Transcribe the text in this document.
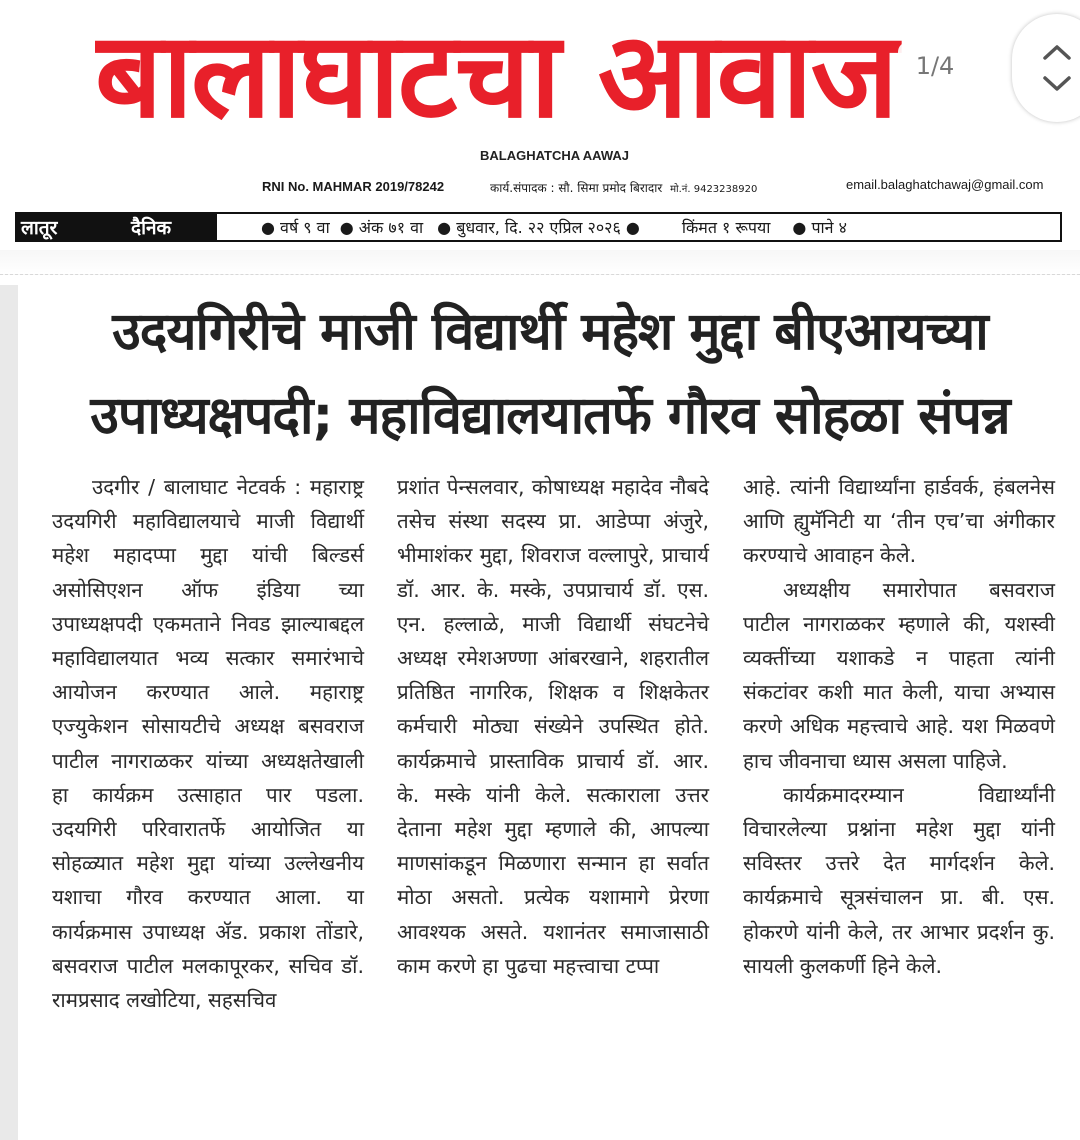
बालाघाटचा आवाज
BALAGHATCHA AAWAJ
RNI No. MAHMAR 2019/78242	कार्य.संपादक : सौ. सिमा प्रमोद बिरादार मो.नं. 9423238920	email.balaghatchawaj@gmail.com
लातूर	दैनिक	● वर्ष ९ वा ● अंक ७१ वा ● बुधवार, दि. २२ एप्रिल २०२६ ●	किंमत १ रूपया ● पाने ४
1/4
उदयगिरीचे माजी विद्यार्थी महेश मुद्दा बीएआयच्या
उपाध्यक्षपदी; महाविद्यालयातर्फे गौरव सोहळा संपन्न

उदगीर / बालाघाट नेटवर्क : महाराष्ट्र उदयगिरी महाविद्यालयाचे माजी विद्यार्थी महेश महादप्पा मुद्दा यांची बिल्डर्स असोसिएशन ऑफ इंडिया च्या उपाध्यक्षपदी एकमताने निवड झाल्याबद्दल महाविद्यालयात भव्य सत्कार समारंभाचे आयोजन करण्यात आले. महाराष्ट्र एज्युकेशन सोसायटीचे अध्यक्ष बसवराज पाटील नागराळकर यांच्या अध्यक्षतेखाली हा कार्यक्रम उत्साहात पार पडला. उदयगिरी परिवारातर्फे आयोजित या सोहळ्यात महेश मुद्दा यांच्या उल्लेखनीय यशाचा गौरव करण्यात आला. या कार्यक्रमास उपाध्यक्ष ॲड. प्रकाश तोंडारे, बसवराज पाटील मलकापूरकर, सचिव डॉ. रामप्रसाद लखोटिया, सहसचिव

प्रशांत पेन्सलवार, कोषाध्यक्ष महादेव नौबदे तसेच संस्था सदस्य प्रा. आडेप्पा अंजुरे, भीमाशंकर मुद्दा, शिवराज वल्लापुरे, प्राचार्य डॉ. आर. के. मस्के, उपप्राचार्य डॉ. एस. एन. हल्लाळे, माजी विद्यार्थी संघटनेचे अध्यक्ष रमेशअण्णा आंबरखाने, शहरातील प्रतिष्ठित नागरिक, शिक्षक व शिक्षकेतर कर्मचारी मोठ्या संख्येने उपस्थित होते. कार्यक्रमाचे प्रास्ताविक प्राचार्य डॉ. आर. के. मस्के यांनी केले. सत्काराला उत्तर देताना महेश मुद्दा म्हणाले की, आपल्या माणसांकडून मिळणारा सन्मान हा सर्वात मोठा असतो. प्रत्येक यशामागे प्रेरणा आवश्यक असते. यशानंतर समाजासाठी काम करणे हा पुढचा महत्त्वाचा टप्पा

आहे. त्यांनी विद्यार्थ्यांना हार्डवर्क, हंबलनेस आणि ह्युमॅनिटी या ‘तीन एच’चा अंगीकार करण्याचे आवाहन केले.

अध्यक्षीय समारोपात बसवराज पाटील नागराळकर म्हणाले की, यशस्वी व्यक्तींच्या यशाकडे न पाहता त्यांनी संकटांवर कशी मात केली, याचा अभ्यास करणे अधिक महत्त्वाचे आहे. यश मिळवणे हाच जीवनाचा ध्यास असला पाहिजे.

कार्यक्रमादरम्यान विद्यार्थ्यांनी विचारलेल्या प्रश्नांना महेश मुद्दा यांनी सविस्तर उत्तरे देत मार्गदर्शन केले. कार्यक्रमाचे सूत्रसंचालन प्रा. बी. एस. होकरणे यांनी केले, तर आभार प्रदर्शन कु. सायली कुलकर्णी हिने केले.
